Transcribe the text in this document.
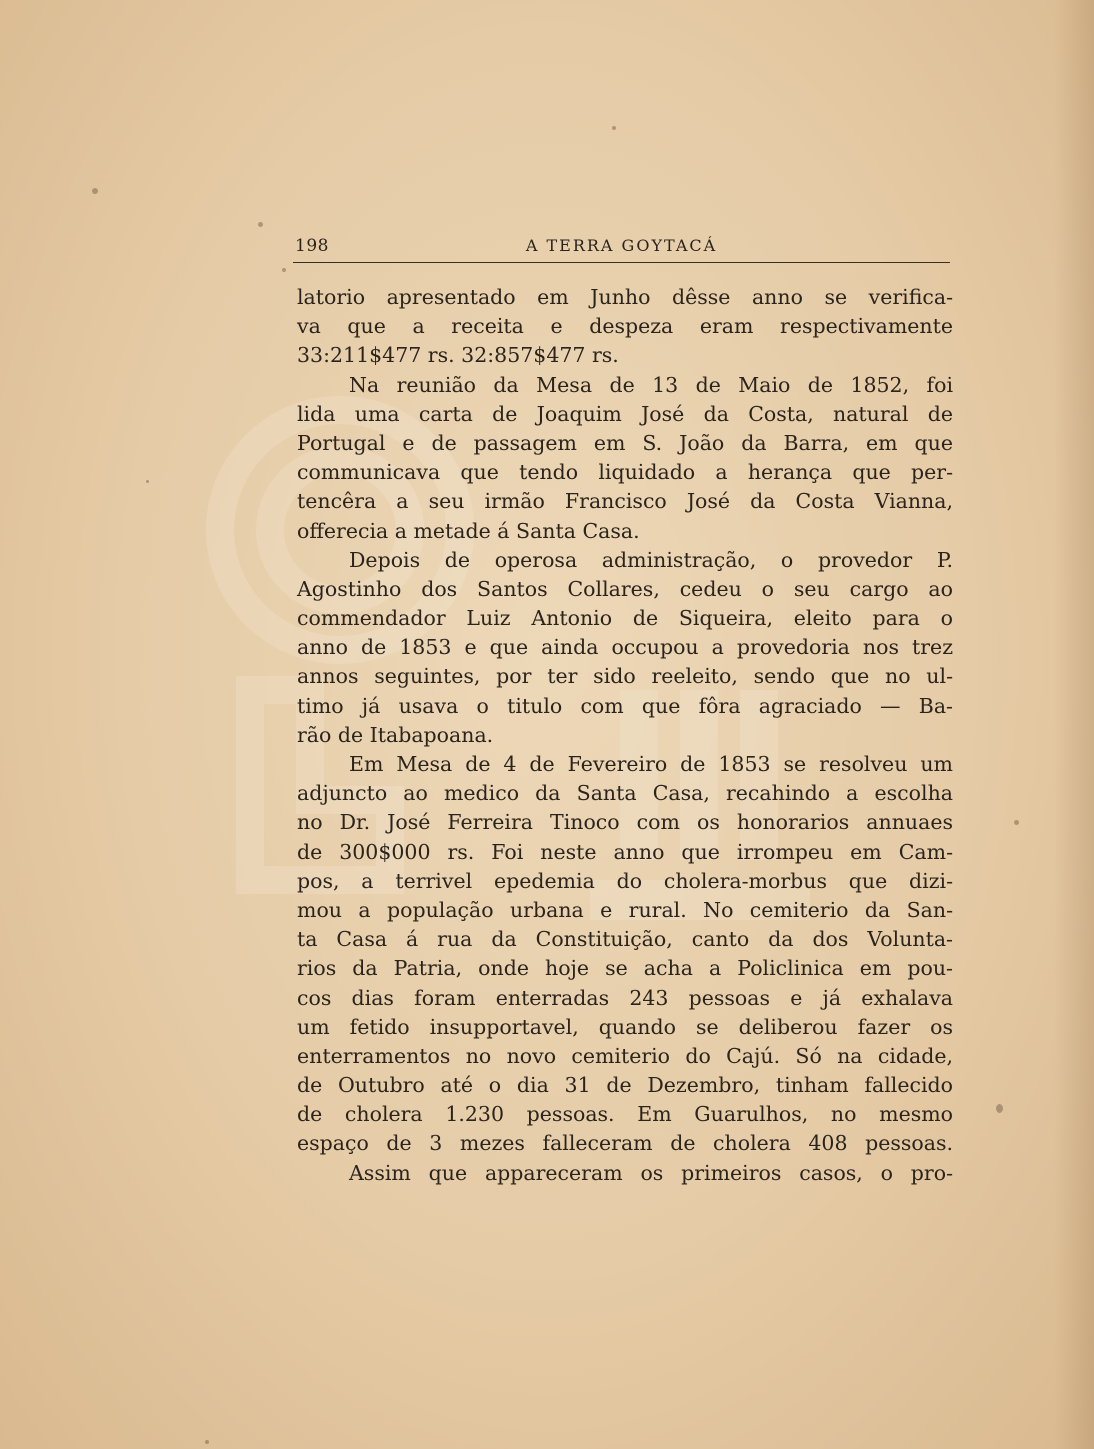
198	A TERRA GOYTACÁ
latorio apresentado em Junho dêsse anno se verifica-
va que a receita e despeza eram respectivamente
33:211$477 rs. 32:857$477 rs.
Na reunião da Mesa de 13 de Maio de 1852, foi
lida uma carta de Joaquim José da Costa, natural de
Portugal e de passagem em S. João da Barra, em que
communicava que tendo liquidado a herança que per-
tencêra a seu irmão Francisco José da Costa Vianna,
offerecia a metade á Santa Casa.
Depois de operosa administração, o provedor P.
Agostinho dos Santos Collares, cedeu o seu cargo ao
commendador Luiz Antonio de Siqueira, eleito para o
anno de 1853 e que ainda occupou a provedoria nos trez
annos seguintes, por ter sido reeleito, sendo que no ul-
timo já usava o titulo com que fôra agraciado — Ba-
rão de Itabapoana.
Em Mesa de 4 de Fevereiro de 1853 se resolveu um
adjuncto ao medico da Santa Casa, recahindo a escolha
no Dr. José Ferreira Tinoco com os honorarios annuaes
de 300$000 rs. Foi neste anno que irrompeu em Cam-
pos, a terrivel epedemia do cholera-morbus que dizi-
mou a população urbana e rural. No cemiterio da San-
ta Casa á rua da Constituição, canto da dos Volunta-
rios da Patria, onde hoje se acha a Policlinica em pou-
cos dias foram enterradas 243 pessoas e já exhalava
um fetido insupportavel, quando se deliberou fazer os
enterramentos no novo cemiterio do Cajú. Só na cidade,
de Outubro até o dia 31 de Dezembro, tinham fallecido
de cholera 1.230 pessoas. Em Guarulhos, no mesmo
espaço de 3 mezes falleceram de cholera 408 pessoas.
Assim que appareceram os primeiros casos, o pro-
